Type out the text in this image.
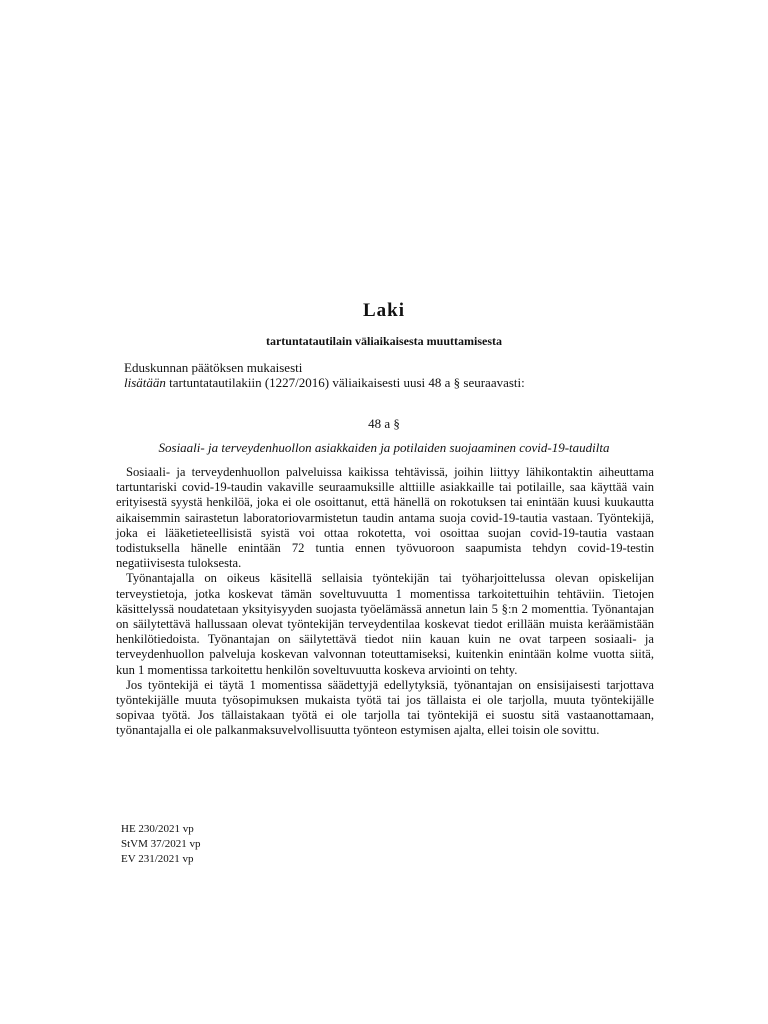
Laki
tartuntatautilain väliaikaisesta muuttamisesta
Eduskunnan päätöksen mukaisesti
lisätään tartuntatautilakiin (1227/2016) väliaikaisesti uusi 48 a § seuraavasti:
48 a §
Sosiaali- ja terveydenhuollon asiakkaiden ja potilaiden suojaaminen covid-19-taudilta

Sosiaali- ja terveydenhuollon palveluissa kaikissa tehtävissä, joihin liittyy lähikontaktin aiheuttama tartuntariski covid-19-taudin vakaville seuraamuksille alttiille asiakkaille tai potilaille, saa käyttää vain erityisestä syystä henkilöä, joka ei ole osoittanut, että hänellä on rokotuksen tai enintään kuusi kuukautta aikaisemmin sairastetun laboratoriovarmistetun taudin antama suoja covid-19-tautia vastaan. Työntekijä, joka ei lääketieteellisistä syistä voi ottaa rokotetta, voi osoittaa suojan covid-19-tautia vastaan todistuksella hänelle enintään 72 tuntia ennen työvuoroon saapumista tehdyn covid-19-testin negatiivisesta tuloksesta.

Työnantajalla on oikeus käsitellä sellaisia työntekijän tai työharjoittelussa olevan opiskelijan terveystietoja, jotka koskevat tämän soveltuvuutta 1 momentissa tarkoitettuihin tehtäviin. Tietojen käsittelyssä noudatetaan yksityisyyden suojasta työelämässä annetun lain 5 §:n 2 momenttia. Työnantajan on säilytettävä hallussaan olevat työntekijän terveydentilaa koskevat tiedot erillään muista keräämistään henkilötiedoista. Työnantajan on säilytettävä tiedot niin kauan kuin ne ovat tarpeen sosiaali- ja terveydenhuollon palveluja koskevan valvonnan toteuttamiseksi, kuitenkin enintään kolme vuotta siitä, kun 1 momentissa tarkoitettu henkilön soveltuvuutta koskeva arviointi on tehty.

Jos työntekijä ei täytä 1 momentissa säädettyjä edellytyksiä, työnantajan on ensisijaisesti tarjottava työntekijälle muuta työsopimuksen mukaista työtä tai jos tällaista ei ole tarjolla, muuta työntekijälle sopivaa työtä. Jos tällaistakaan työtä ei ole tarjolla tai työntekijä ei suostu sitä vastaanottamaan, työnantajalla ei ole palkanmaksuvelvollisuutta työnteon estymisen ajalta, ellei toisin ole sovittu.

HE 230/2021 vp
StVM 37/2021 vp
EV 231/2021 vp
